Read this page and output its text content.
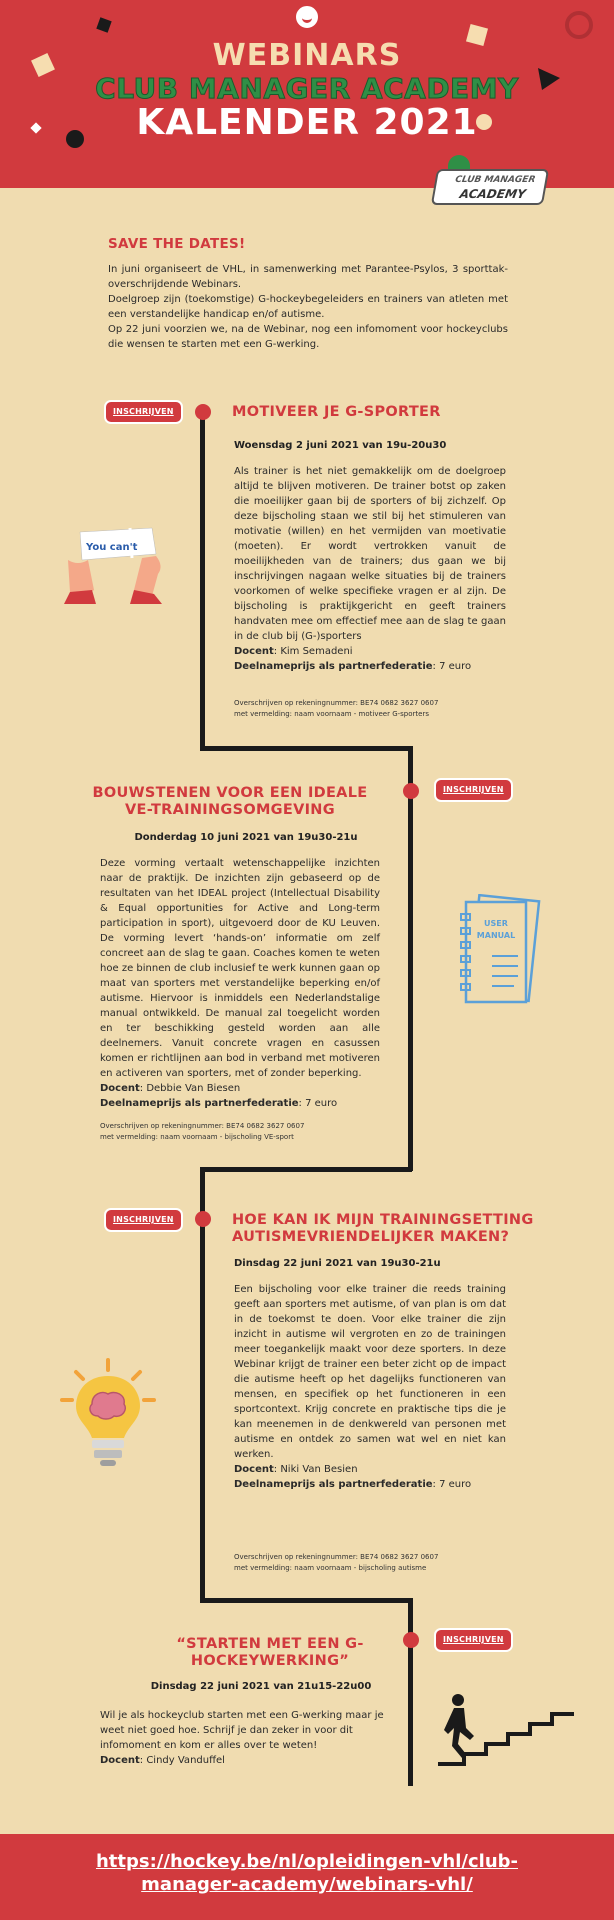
WEBINARS
CLUB MANAGER ACADEMY
KALENDER 2021
CLUB MANAGER
ACADEMY
SAVE THE DATES!

In juni organiseert de VHL, in samenwerking met Parantee-Psylos, 3 sporttak-overschrijdende Webinars.

Doelgroep zijn (toekomstige) G-hockeybegeleiders en trainers van atleten met een verstandelijke handicap en/of autisme.

Op 22 juni voorzien we, na de Webinar, nog een infomoment voor hockeyclubs die wensen te starten met een G-werking.

INSCHRIJVEN	MOTIVEER JE G-SPORTER
Woensdag 2 juni 2021 van 19u-20u30
Als trainer is het niet gemakkelijk om de doelgroep altijd te blijven motiveren. De trainer botst op zaken die moeilijker gaan bij de sporters of bij zichzelf. Op deze bijscholing staan we stil bij het stimuleren van motivatie (willen) en het vermijden van moetivatie (moeten). Er wordt vertrokken vanuit de moeilijkheden van de trainers; dus gaan we bij inschrijvingen nagaan welke situaties bij de trainers voorkomen of welke specifieke vragen er al zijn. De bijscholing is praktijkgericht en geeft trainers handvaten mee om effectief mee aan de slag te gaan in de club bij (G-)sporters
Docent: Kim Semadeni
Deelnameprijs als partnerfederatie: 7 euro
Overschrijven op rekeningnummer: BE74 0682 3627 0607
met vermelding: naam voornaam - motiveer G-sporters
You can't
INSCHRIJVEN
BOUWSTENEN VOOR EEN IDEALE
VE-TRAININGSOMGEVING
Donderdag 10 juni 2021 van 19u30-21u
Deze vorming vertaalt wetenschappelijke inzichten naar de praktijk. De inzichten zijn gebaseerd op de resultaten van het IDEAL project (Intellectual Disability & Equal opportunities for Active and Long-term participation in sport), uitgevoerd door de KU Leuven. De vorming levert ‘hands-on’ informatie om zelf concreet aan de slag te gaan. Coaches komen te weten hoe ze binnen de club inclusief te werk kunnen gaan op maat van sporters met verstandelijke beperking en/of autisme. Hiervoor is inmiddels een Nederlandstalige manual ontwikkeld. De manual zal toegelicht worden en ter beschikking gesteld worden aan alle deelnemers. Vanuit concrete vragen en casussen komen er richtlijnen aan bod in verband met motiveren en activeren van sporters, met of zonder beperking.
Docent: Debbie Van Biesen
Deelnameprijs als partnerfederatie: 7 euro
Overschrijven op rekeningnummer: BE74 0682 3627 0607
met vermelding: naam voornaam - bijscholing VE-sport
USER
MANUAL
INSCHRIJVEN	HOE KAN IK MIJN TRAININGSETTING
AUTISMEVRIENDELIJKER MAKEN?
Dinsdag 22 juni 2021 van 19u30-21u
Een bijscholing voor elke trainer die reeds training geeft aan sporters met autisme, of van plan is om dat in de toekomst te doen. Voor elke trainer die zijn inzicht in autisme wil vergroten en zo de trainingen meer toegankelijk maakt voor deze sporters. In deze Webinar krijgt de trainer een beter zicht op de impact die autisme heeft op het dagelijks functioneren van mensen, en specifiek op het functioneren in een sportcontext. Krijg concrete en praktische tips die je kan meenemen in de denkwereld van personen met autisme en ontdek zo samen wat wel en niet kan werken.
Docent: Niki Van Besien
Deelnameprijs als partnerfederatie: 7 euro
Overschrijven op rekeningnummer: BE74 0682 3627 0607
met vermelding: naam voornaam - bijscholing autisme
INSCHRIJVEN
“STARTEN MET EEN G-
HOCKEYWERKING”
Dinsdag 22 juni 2021 van 21u15-22u00
Wil je als hockeyclub starten met een G-werking maar je weet niet goed hoe. Schrijf je dan zeker in voor dit infomoment en kom er alles over te weten!
Docent: Cindy Vanduffel
https://hockey.be/nl/opleidingen-vhl/club-manager-academy/webinars-vhl/
